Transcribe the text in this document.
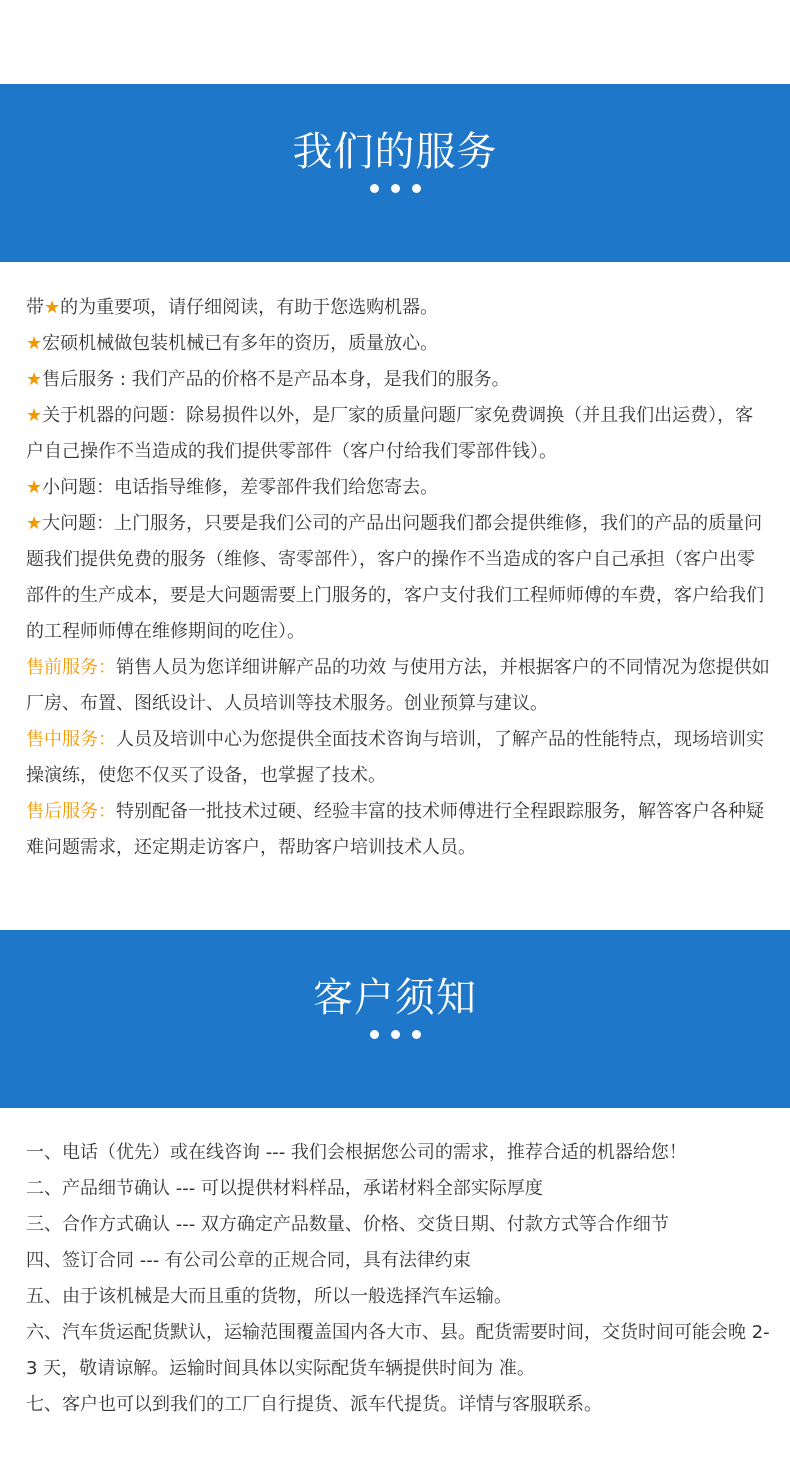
我们的服务

带★的为重要项，请仔细阅读，有助于您选购机器。

★宏硕机械做包装机械已有多年的资历，质量放心。

★售后服务 : 我们产品的价格不是产品本身，是我们的服务。

★关于机器的问题：除易损件以外，是厂家的质量问题厂家免费调换（并且我们出运费），客户自己操作不当造成的我们提供零部件（客户付给我们零部件钱）。

★小问题：电话指导维修，差零部件我们给您寄去。

★大问题：上门服务，只要是我们公司的产品出问题我们都会提供维修，我们的产品的质量问题我们提供免费的服务（维修、寄零部件），客户的操作不当造成的客户自己承担（客户出零部件的生产成本，要是大问题需要上门服务的，客户支付我们工程师师傅的车费，客户给我们的工程师师傅在维修期间的吃住）。

售前服务：销售人员为您详细讲解产品的功效 与使用方法，并根据客户的不同情况为您提供如厂房、布置、图纸设计、人员培训等技术服务。创业预算与建议。

售中服务：人员及培训中心为您提供全面技术咨询与培训，了解产品的性能特点，现场培训实操演练，使您不仅买了设备，也掌握了技术。

售后服务：特别配备一批技术过硬、经验丰富的技术师傅进行全程跟踪服务，解答客户各种疑难问题需求，还定期走访客户，帮助客户培训技术人员。

客户须知

一、电话（优先）或在线咨询 --- 我们会根据您公司的需求，推荐合适的机器给您！

二、产品细节确认 --- 可以提供材料样品，承诺材料全部实际厚度

三、合作方式确认 --- 双方确定产品数量、价格、交货日期、付款方式等合作细节

四、签订合同 --- 有公司公章的正规合同，具有法律约束

五、由于该机械是大而且重的货物，所以一般选择汽车运输。

六、汽车货运配货默认，运输范围覆盖国内各大市、县。配货需要时间，交货时间可能会晚 2-3 天，敬请谅解。运输时间具体以实际配货车辆提供时间为 准。

七、客户也可以到我们的工厂自行提货、派车代提货。详情与客服联系。
